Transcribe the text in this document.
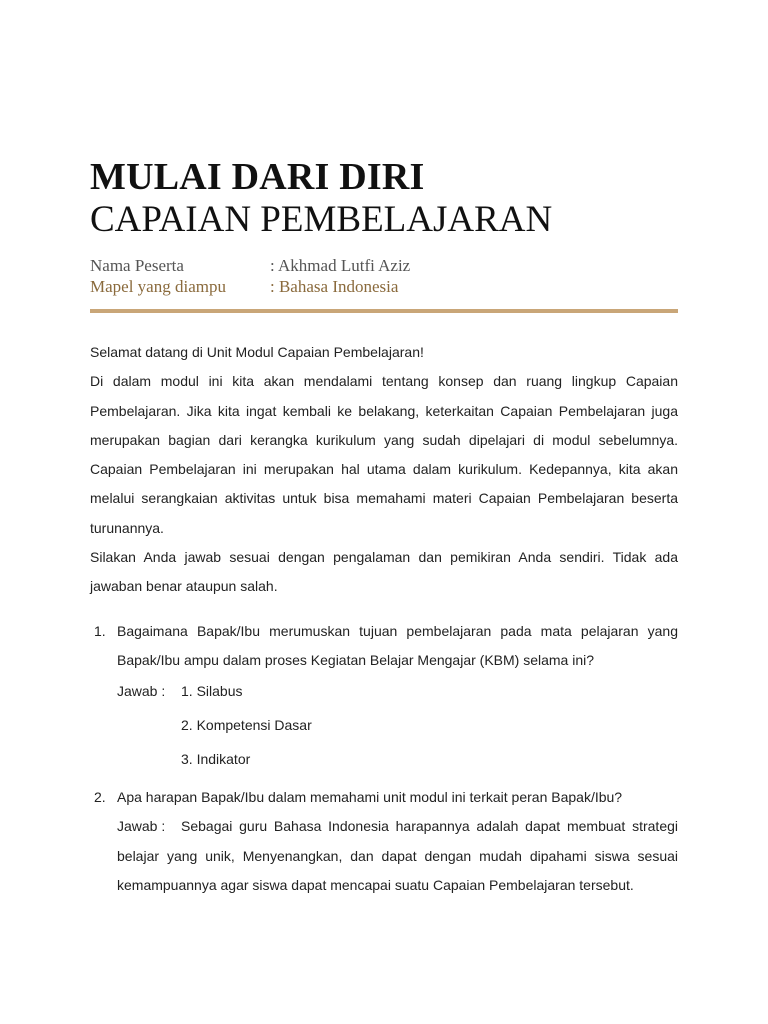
MULAI DARI DIRI
CAPAIAN PEMBELAJARAN
Nama Peserta	: Akhmad Lutfi Aziz
Mapel yang diampu	: Bahasa Indonesia

Selamat datang di Unit Modul Capaian Pembelajaran!

Di dalam modul ini kita akan mendalami tentang konsep dan ruang lingkup Capaian Pembelajaran. Jika kita ingat kembali ke belakang, keterkaitan Capaian Pembelajaran juga merupakan bagian dari kerangka kurikulum yang sudah dipelajari di modul sebelumnya. Capaian Pembelajaran ini merupakan hal utama dalam kurikulum. Kedepannya, kita akan melalui serangkaian aktivitas untuk bisa memahami materi Capaian Pembelajaran beserta turunannya.

Silakan Anda jawab sesuai dengan pengalaman dan pemikiran Anda sendiri. Tidak ada jawaban benar ataupun salah.

1. Bagaimana Bapak/Ibu merumuskan tujuan pembelajaran pada mata pelajaran yang Bapak/Ibu ampu dalam proses Kegiatan Belajar Mengajar (KBM) selama ini?
Jawab : 1. Silabus
2. Kompetensi Dasar
3. Indikator
2. Apa harapan Bapak/Ibu dalam memahami unit modul ini terkait peran Bapak/Ibu?
Jawab : Sebagai guru Bahasa Indonesia harapannya adalah dapat membuat strategi belajar yang unik, Menyenangkan, dan dapat dengan mudah dipahami siswa sesuai kemampuannya agar siswa dapat mencapai suatu Capaian Pembelajaran tersebut.
